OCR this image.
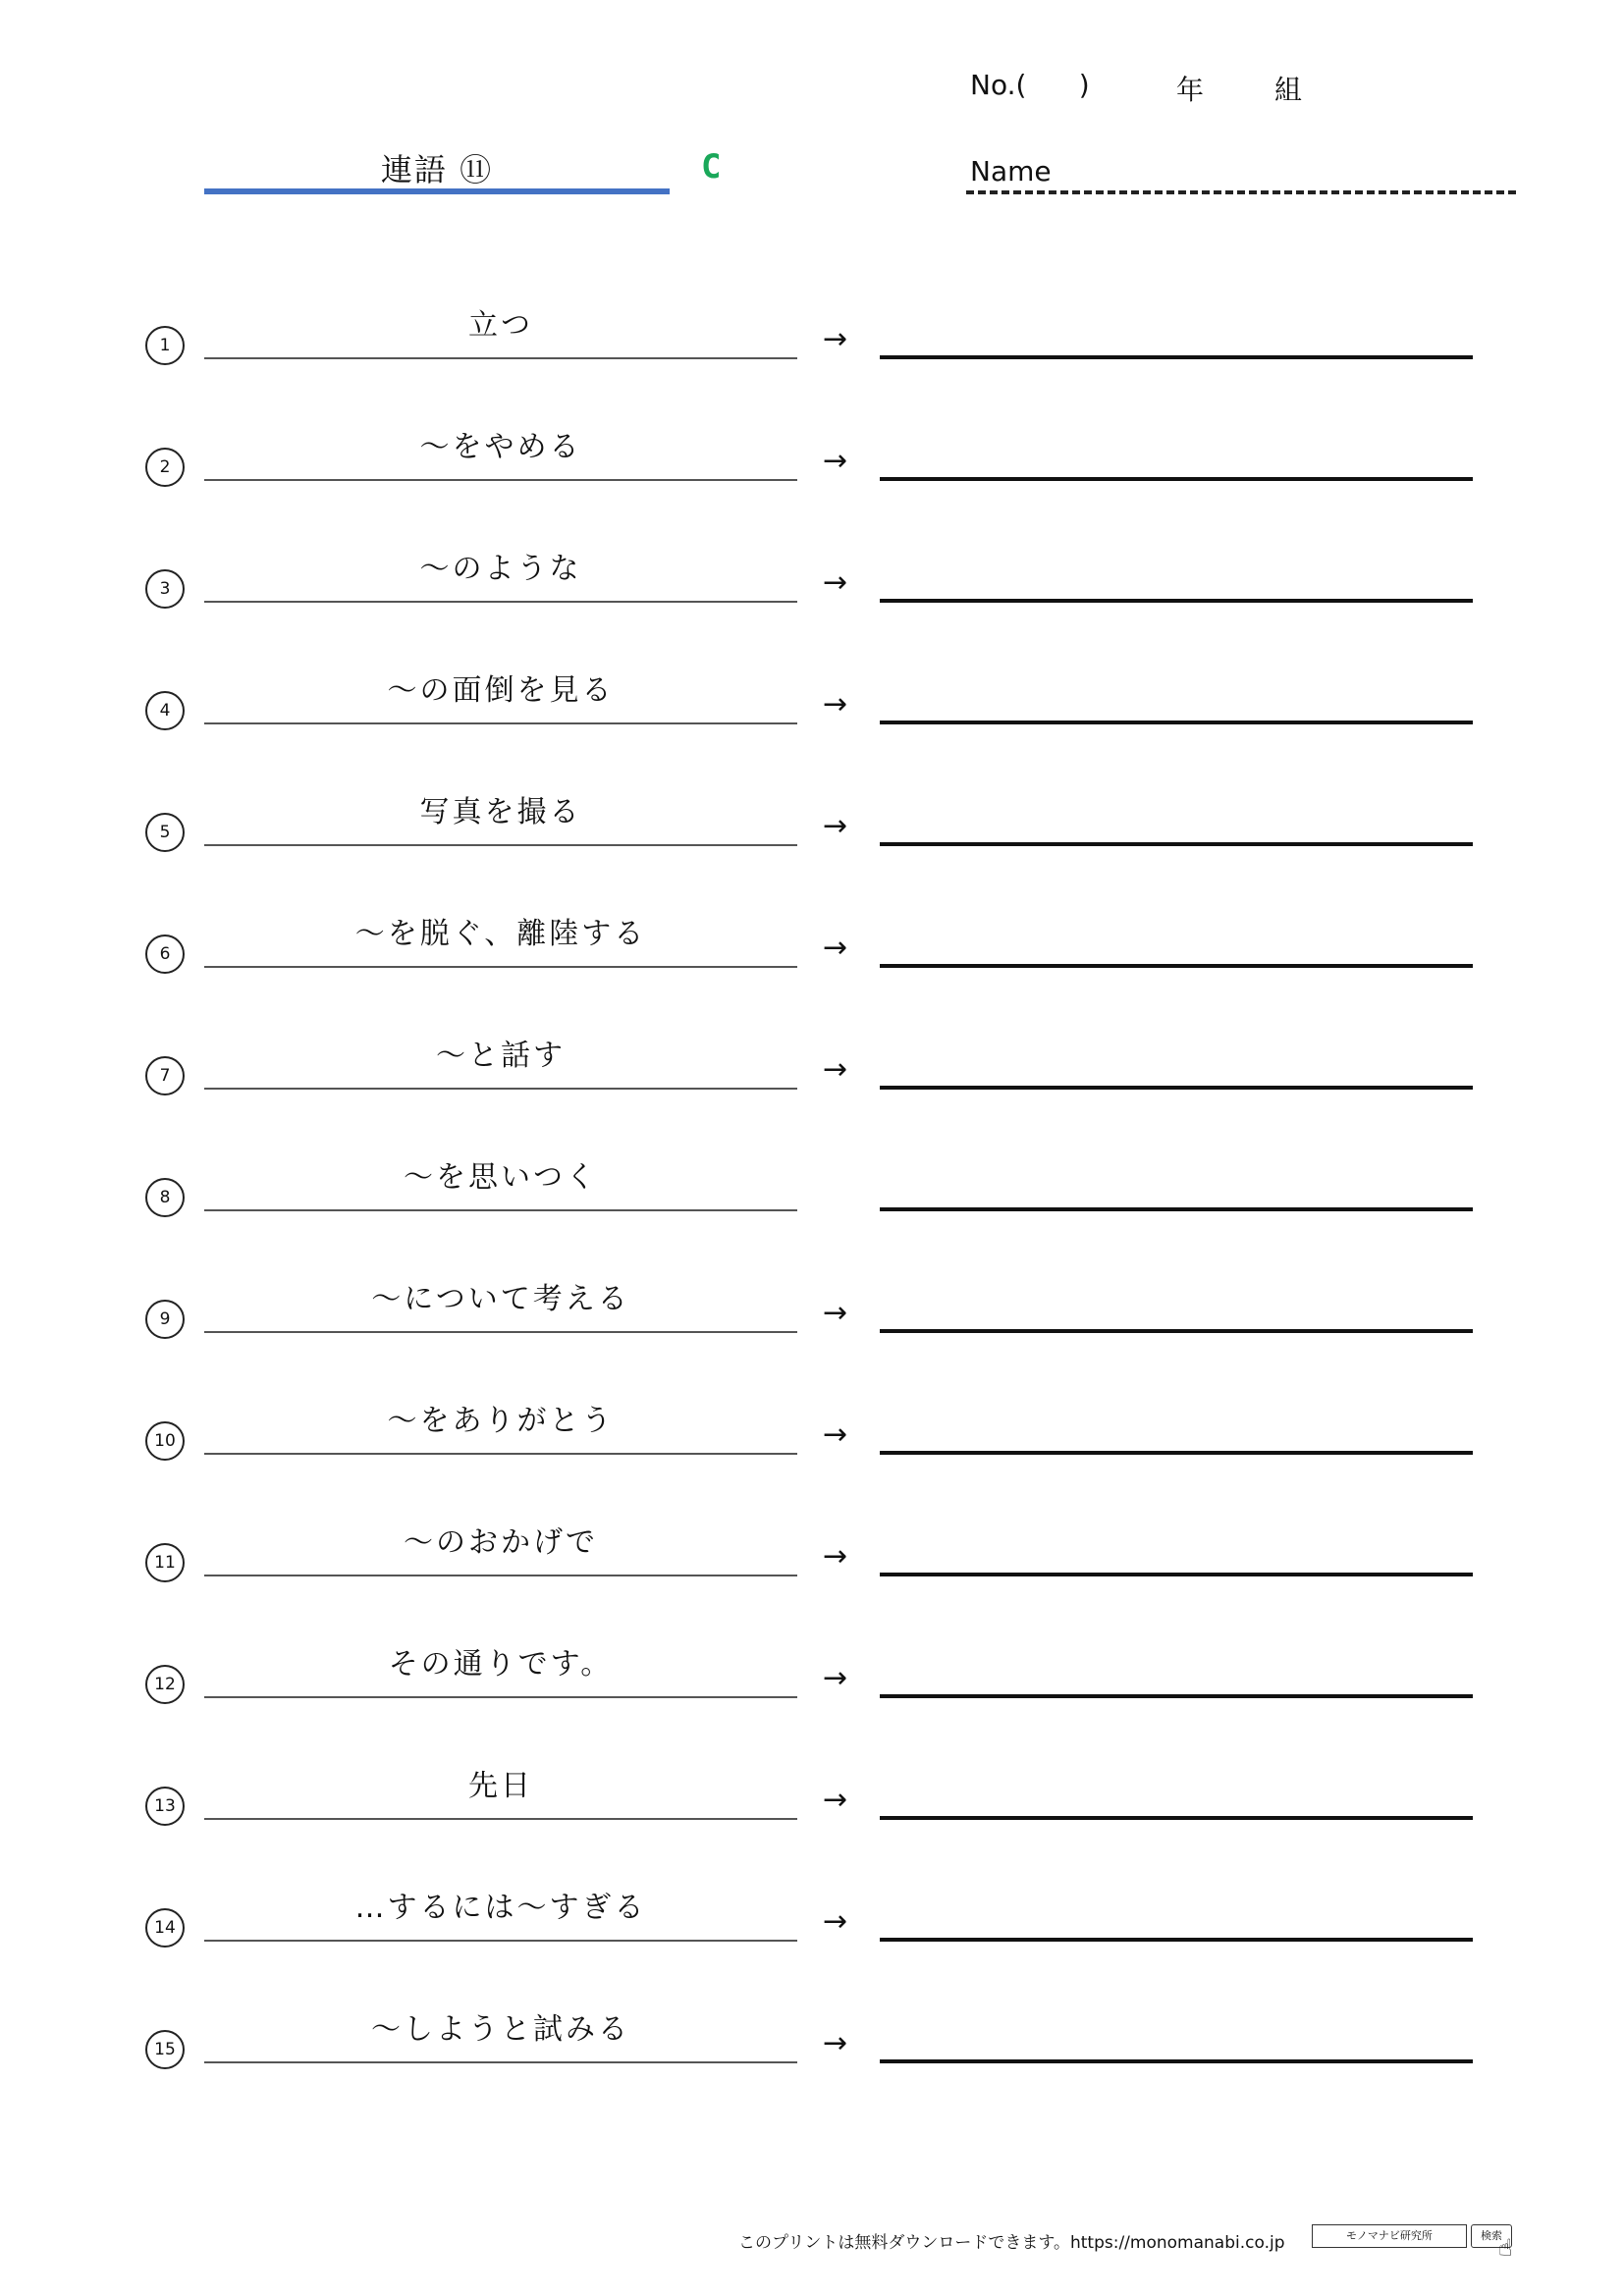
No.(      )	年	組
連語 ⑪	C	Name
1
立つ	→
2
～をやめる	→
3
～のような	→
4
～の面倒を見る	→
5
写真を撮る	→
6
～を脱ぐ、離陸する	→
7
～と話す	→
8
～を思いつく
9
～について考える	→
10
～をありがとう	→
11
～のおかげで	→
12
その通りです。	→
13
先日	→
14
…するには～すぎる	→
15
～しようと試みる	→
このプリントは無料ダウンロードできます。https://monomanabi.co.jp	モノマナビ研究所	検索
☝
